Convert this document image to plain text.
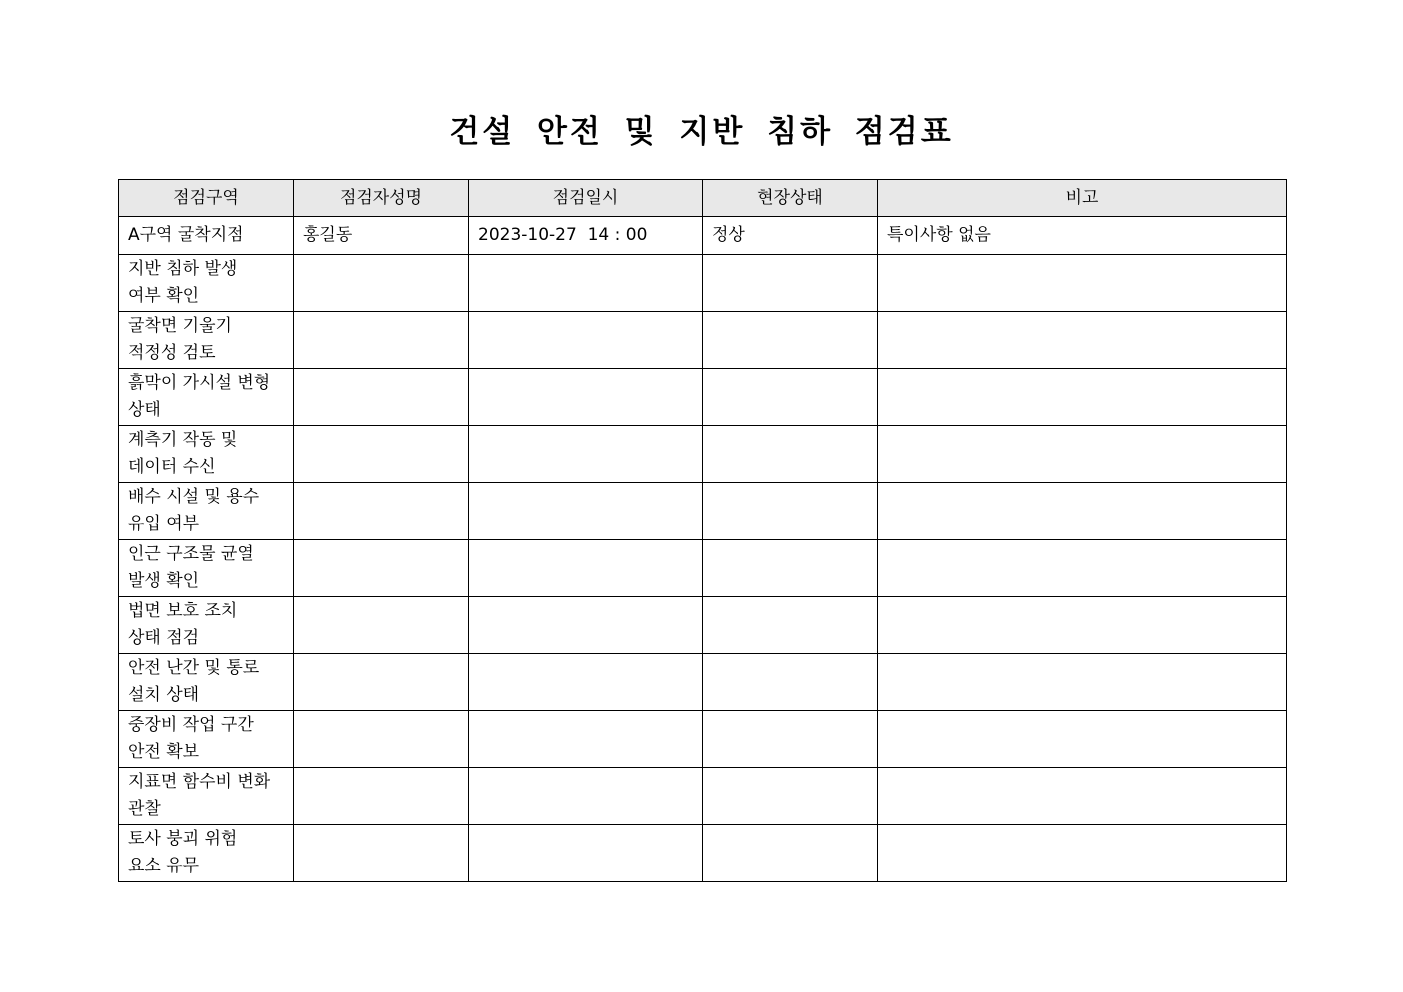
건설 안전 및 지반 침하 점검표
점검구역	점검자성명	점검일시	현장상태	비고
A구역 굴착지점	홍길동	2023-10-27  14 : 00	정상	특이사항 없음

지반 침하 발생
여부 확인				

굴착면 기울기
적정성 검토				

흙막이 가시설 변형
상태				

계측기 작동 및
데이터 수신				

배수 시설 및 용수
유입 여부				

인근 구조물 균열
발생 확인				

법면 보호 조치
상태 점검				

안전 난간 및 통로
설치 상태				

중장비 작업 구간
안전 확보				

지표면 함수비 변화
관찰				

토사 붕괴 위험
요소 유무				
